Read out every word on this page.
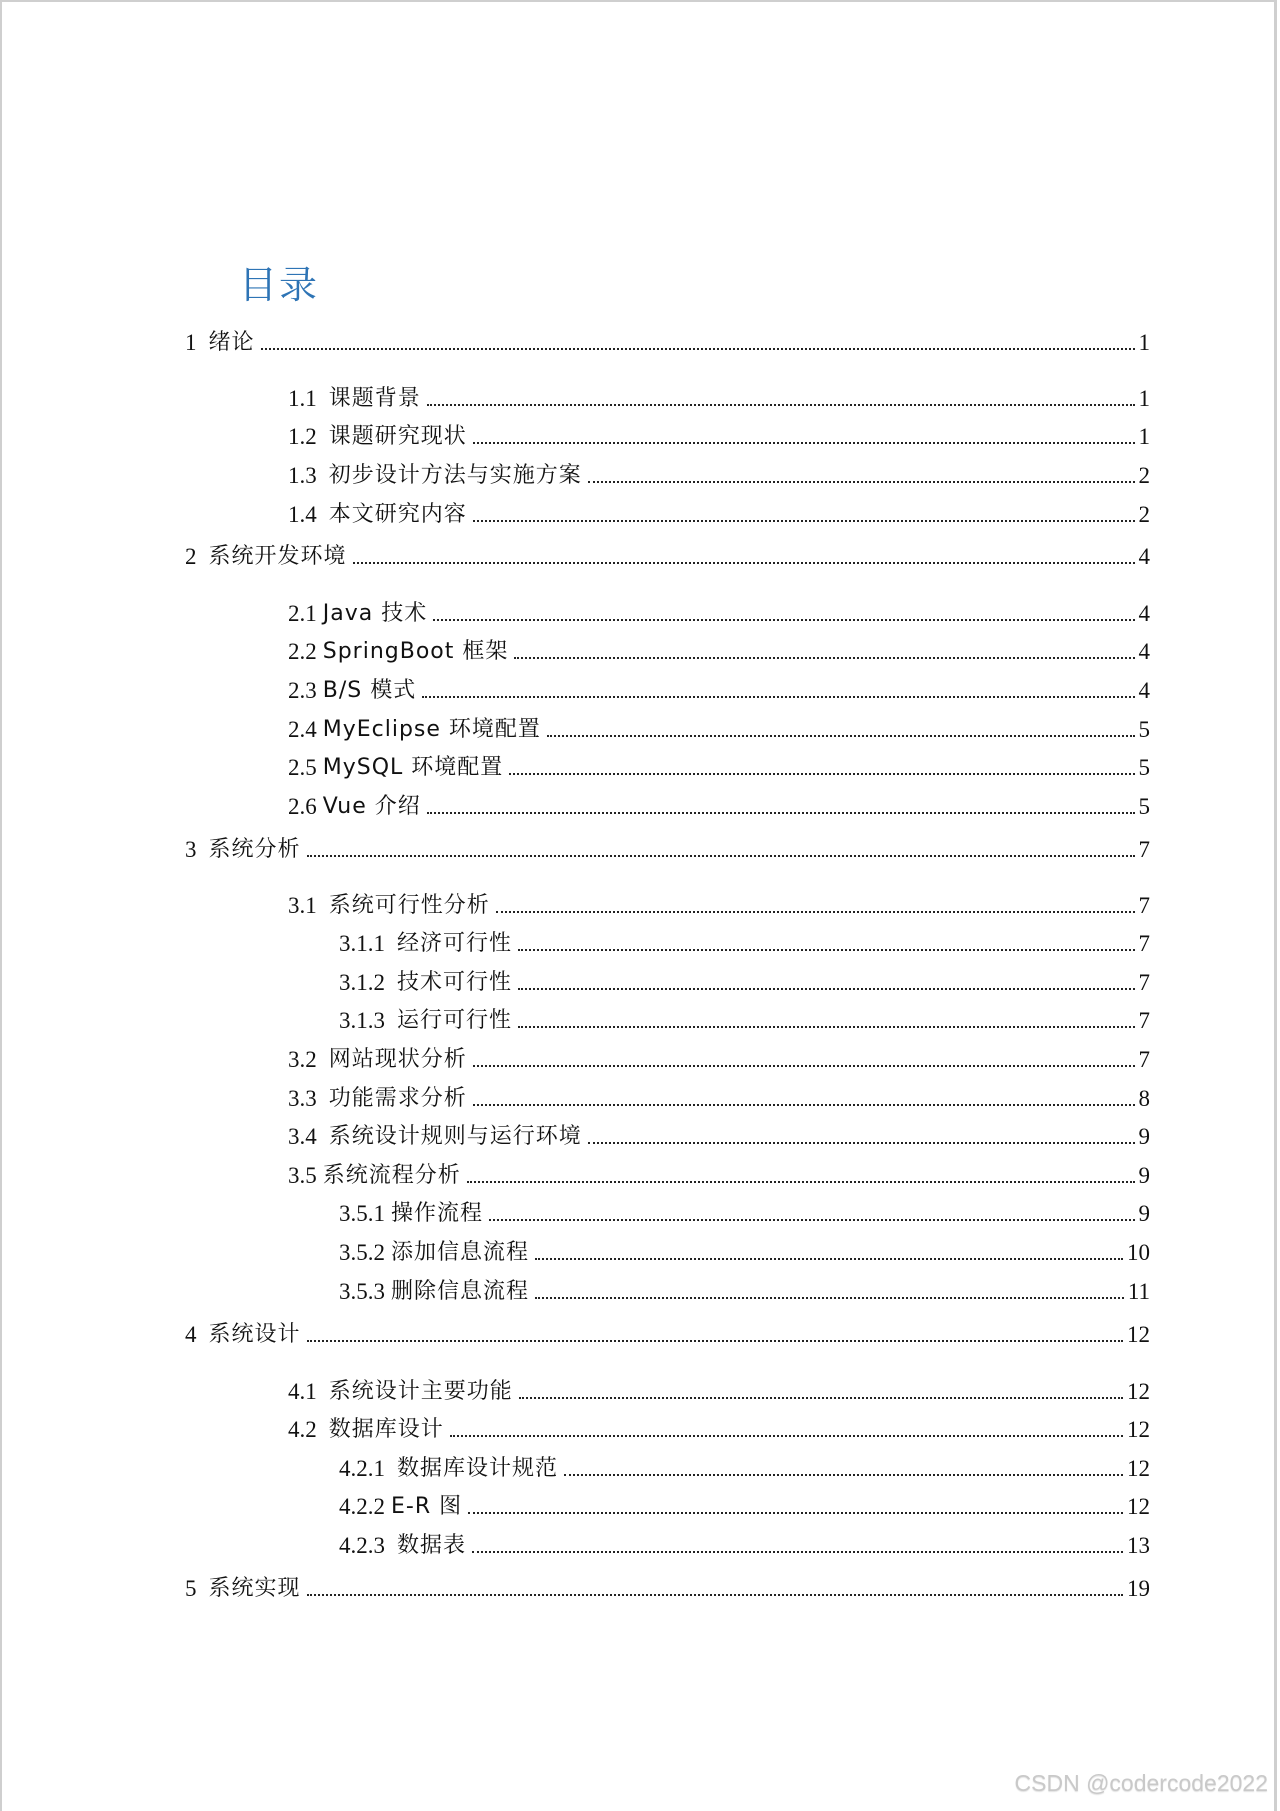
目录
1 绪论	1
1.1 课题背景	1
1.2 课题研究现状	1
1.3 初步设计方法与实施方案	2
1.4 本文研究内容	2
2 系统开发环境	4
2.1 Java 技术	4
2.2 SpringBoot 框架	4
2.3 B/S 模式	4
2.4 MyEclipse 环境配置	5
2.5 MySQL 环境配置	5
2.6 Vue 介绍	5
3 系统分析	7
3.1 系统可行性分析	7
3.1.1 经济可行性	7
3.1.2 技术可行性	7
3.1.3 运行可行性	7
3.2 网站现状分析	7
3.3 功能需求分析	8
3.4 系统设计规则与运行环境	9
3.5 系统流程分析	9
3.5.1 操作流程	9
3.5.2 添加信息流程	10
3.5.3 删除信息流程	11
4 系统设计	12
4.1 系统设计主要功能	12
4.2 数据库设计	12
4.2.1 数据库设计规范	12
4.2.2 E-R 图	12
4.2.3 数据表	13
5 系统实现	19
CSDN @codercode2022
